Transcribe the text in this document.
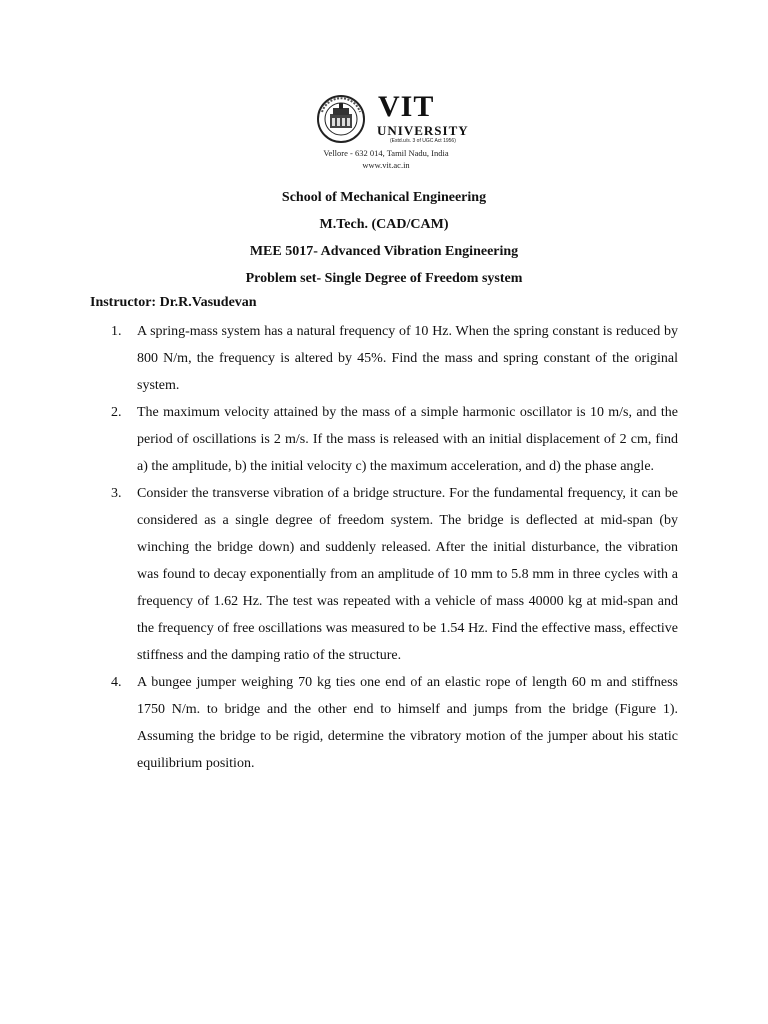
VIT
UNIVERSITY
(Estd.u/s. 3 of UGC Act 1956)
Vellore - 632 014, Tamil Nadu, India
www.vit.ac.in
School of Mechanical Engineering
M.Tech. (CAD/CAM)
MEE 5017- Advanced Vibration Engineering
Problem set- Single Degree of Freedom system
Instructor: Dr.R.Vasudevan
1. A spring-mass system has a natural frequency of 10 Hz. When the spring constant is reduced by 800 N/m, the frequency is altered by 45%. Find the mass and spring constant of the original system.
2. The maximum velocity attained by the mass of a simple harmonic oscillator is 10 m/s, and the period of oscillations is 2 m/s. If the mass is released with an initial displacement of 2 cm, find a) the amplitude, b) the initial velocity c) the maximum acceleration, and d) the phase angle.
3. Consider the transverse vibration of a bridge structure. For the fundamental frequency, it can be considered as a single degree of freedom system. The bridge is deflected at mid-span (by winching the bridge down) and suddenly released. After the initial disturbance, the vibration was found to decay exponentially from an amplitude of 10 mm to 5.8 mm in three cycles with a frequency of 1.62 Hz. The test was repeated with a vehicle of mass 40000 kg at mid-span and the frequency of free oscillations was measured to be 1.54 Hz. Find the effective mass, effective stiffness and the damping ratio of the structure.
4. A bungee jumper weighing 70 kg ties one end of an elastic rope of length 60 m and stiffness 1750 N/m. to bridge and the other end to himself and jumps from the bridge (Figure 1). Assuming the bridge to be rigid, determine the vibratory motion of the jumper about his static equilibrium position.
